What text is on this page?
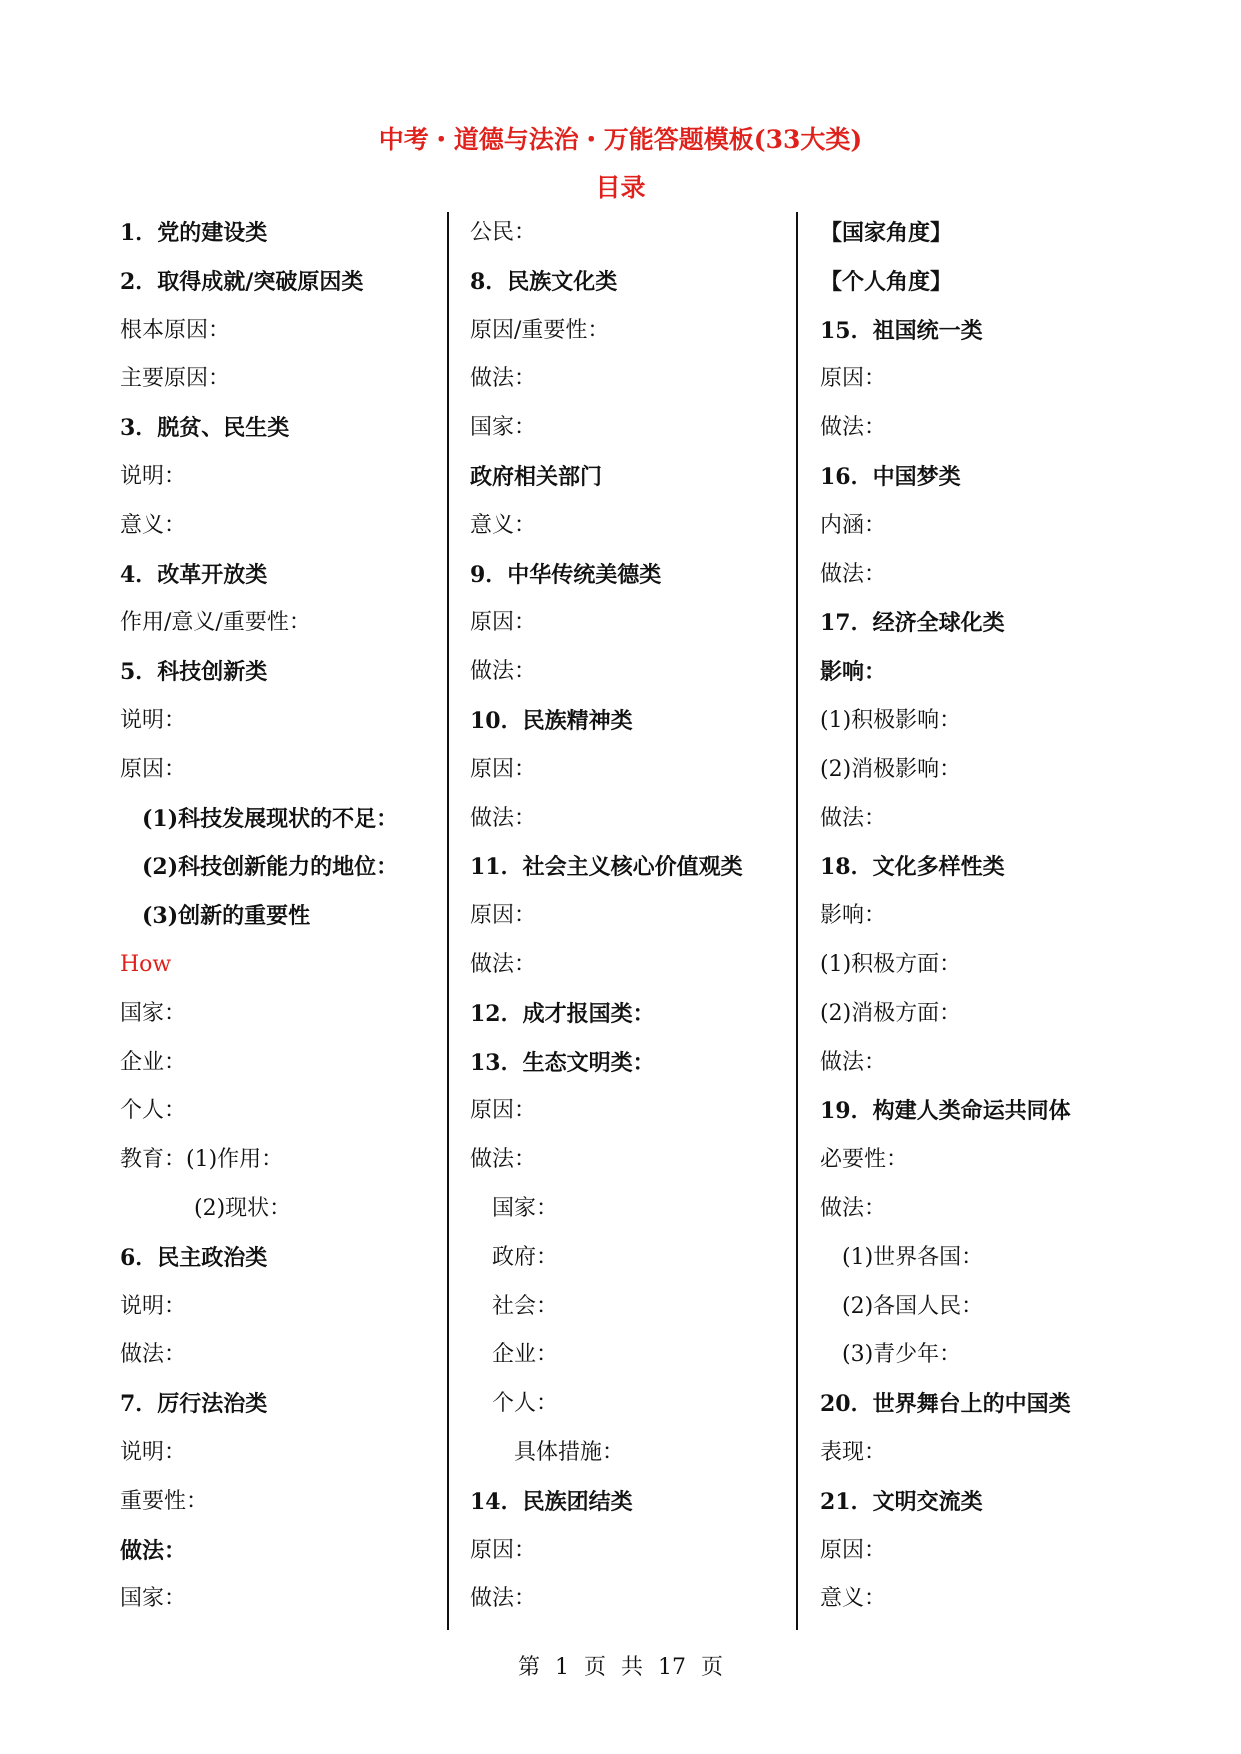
中考・道德与法治・万能答题模板(33大类)
目录
1．党的建设类
2．取得成就/突破原因类
根本原因：
主要原因：
3．脱贫、民生类
说明：
意义：
4．改革开放类
作用/意义/重要性：
5．科技创新类
说明：
原因：
(1)科技发展现状的不足：
(2)科技创新能力的地位：
(3)创新的重要性
How
国家：
企业：
个人：
教育：(1)作用：
(2)现状：
6．民主政治类
说明：
做法：
7．厉行法治类
说明：
重要性：
做法：
国家：
公民：
8．民族文化类
原因/重要性：
做法：
国家：
政府相关部门
意义：
9．中华传统美德类
原因：
做法：
10．民族精神类
原因：
做法：
11．社会主义核心价值观类
原因：
做法：
12．成才报国类：
13．生态文明类：
原因：
做法：
国家：
政府：
社会：
企业：
个人：
具体措施：
14．民族团结类
原因：
做法：
【国家角度】
【个人角度】
15．祖国统一类
原因：
做法：
16．中国梦类
内涵：
做法：
17．经济全球化类
影响：
(1)积极影响：
(2)消极影响：
做法：
18．文化多样性类
影响：
(1)积极方面：
(2)消极方面：
做法：
19．构建人类命运共同体
必要性：
做法：
(1)世界各国：
(2)各国人民：
(3)青少年：
20．世界舞台上的中国类
表现：
21．文明交流类
原因：
意义：
第 1 页 共 17 页
